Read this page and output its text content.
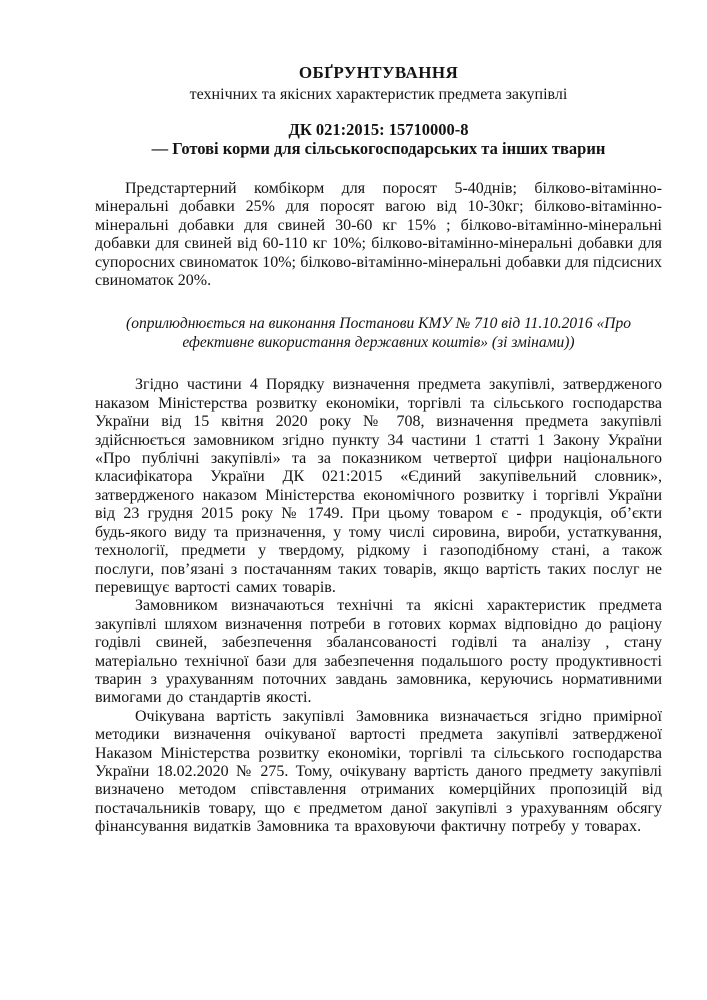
ОБҐРУНТУВАННЯ
технічних та якісних характеристик предмета закупівлі
ДК 021:2015: 15710000-8
— Готові корми для сільськогосподарських та інших тварин
Предстартерний комбікорм для поросят 5-40днів; білково-вітамінно-мінеральні добавки 25% для поросят вагою від 10-30кг; білково-вітамінно-мінеральні добавки для свиней 30-60 кг 15% ; білково-вітамінно-мінеральні добавки для свиней від 60-110 кг 10%; білково-вітамінно-мінеральні добавки для супоросних свиноматок 10%; білково-вітамінно-мінеральні добавки для підсисних свиноматок 20%.
(оприлюднюється на виконання Постанови КМУ № 710 від 11.10.2016 «Про ефективне використання державних коштів» (зі змінами))
Згідно частини 4 Порядку визначення предмета закупівлі, затвердженого наказом Міністерства розвитку економіки, торгівлі та сільського господарства України від 15 квітня 2020 року № 708, визначення предмета закупівлі здійснюється замовником згідно пункту 34 частини 1 статті 1 Закону України «Про публічні закупівлі» та за показником четвертої цифри національного класифікатора України ДК 021:2015 «Єдиний закупівельний словник», затвердженого наказом Міністерства економічного розвитку і торгівлі України від 23 грудня 2015 року № 1749. При цьому товаром є - продукція, об’єкти будь-якого виду та призначення, у тому числі сировина, вироби, устаткування, технології, предмети у твердому, рідкому і газоподібному стані, а також послуги, пов’язані з постачанням таких товарів, якщо вартість таких послуг не перевищує вартості самих товарів.
Замовником визначаються технічні та якісні характеристик предмета закупівлі шляхом визначення потреби в готових кормах відповідно до раціону годівлі свиней, забезпечення збалансованості годівлі та аналізу , стану матеріально технічної бази для забезпечення подальшого росту продуктивності тварин з урахуванням поточних завдань замовника, керуючись нормативними вимогами до стандартів якості.
Очікувана вартість закупівлі Замовника визначається згідно примірної методики визначення очікуваної вартості предмета закупівлі затвердженої Наказом Міністерства розвитку економіки, торгівлі та сільського господарства України 18.02.2020 № 275. Тому, очікувану вартість даного предмету закупівлі визначено методом співставлення отриманих комерційних пропозицій від постачальників товару, що є предметом даної закупівлі з урахуванням обсягу фінансування видатків Замовника та враховуючи фактичну потребу у товарах.
